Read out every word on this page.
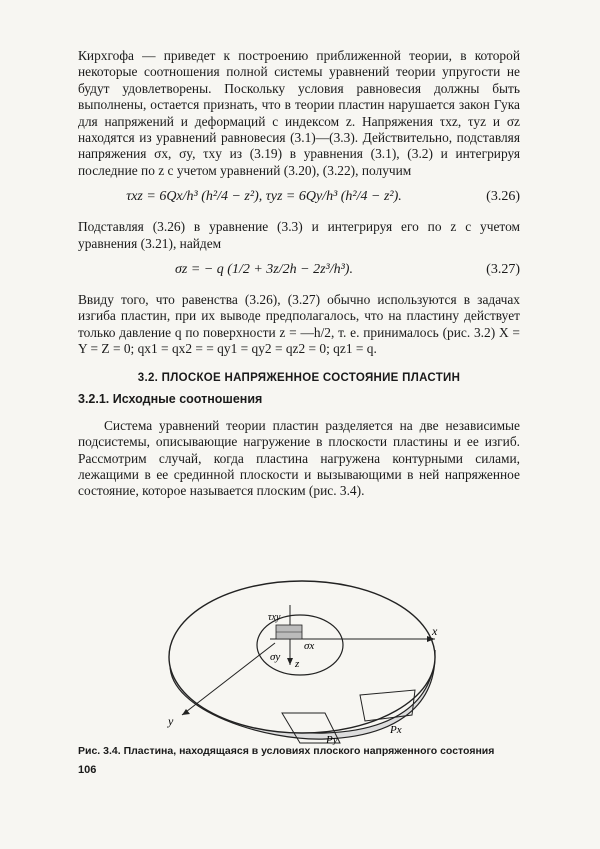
Кирхгофа — приведет к построению приближенной теории, в которой некоторые соотношения полной системы уравнений теории упругости не будут удовлетворены. Поскольку условия равновесия должны быть выполнены, остается признать, что в теории пластин нарушается закон Гука для напряжений и деформаций с индексом z. Напряжения τxz, τyz и σz находятся из уравнений равновесия (3.1)—(3.3). Действительно, подставляя напряжения σx, σy, τxy из (3.19) в уравнения (3.1), (3.2) и интегрируя последние по z с учетом уравнений (3.20), (3.22), получим

τxz = 6Qx/h³ (h²/4 − z²), τyz = 6Qy/h³ (h²/4 − z²).	(3.26)

Подставляя (3.26) в уравнение (3.3) и интегрируя его по z с учетом уравнения (3.21), найдем

σz = − q (1/2 + 3z/2h − 2z³/h³).	(3.27)

Ввиду того, что равенства (3.26), (3.27) обычно используются в задачах изгиба пластин, при их выводе предполагалось, что на пластину действует только давление q по поверхности z = —h/2, т. е. принималось (рис. 3.2) X = Y = Z = 0; qx1 = qx2 = = qy1 = qy2 = qz2 = 0; qz1 = q.

3.2. ПЛОСКОЕ НАПРЯЖЕННОЕ СОСТОЯНИЕ ПЛАСТИН
3.2.1. Исходные соотношения

Система уравнений теории пластин разделяется на две независимые подсистемы, описывающие нагружение в плоскости пластины и ее изгиб. Рассмотрим случай, когда пластина нагружена контурными силами, лежащими в ее срединной плоскости и вызывающими в ней напряженное состояние, которое называется плоским (рис. 3.4).

x
y
z
τxy
σx
σy
Px
Py
Рис. 3.4. Пластина, находящаяся в условиях плоского напряженного состояния
106
